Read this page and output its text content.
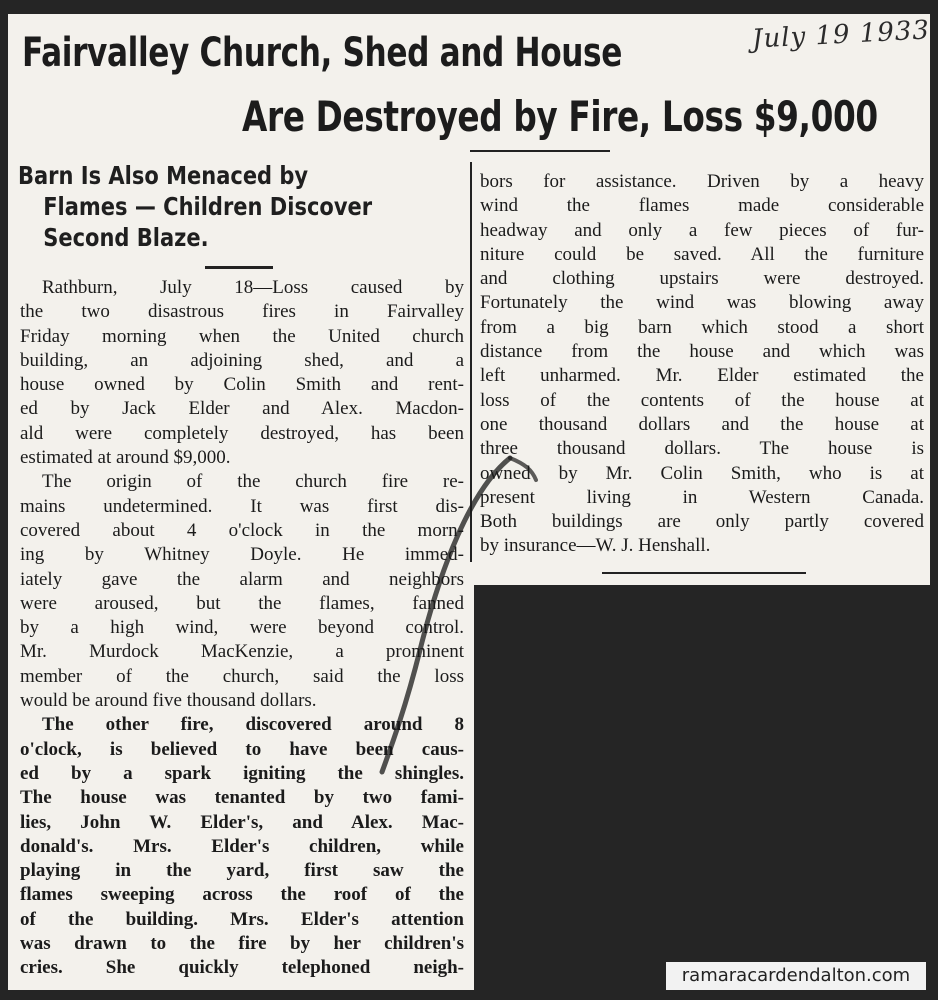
July 19 1933
Fairvalley Church, Shed and House
Are Destroyed by Fire, Loss $9,000
Barn Is Also Menaced by
Flames — Children Discover
Second Blaze.
Rathburn, July 18—Loss caused by
the two disastrous fires in Fairvalley
Friday morning when the United church
building, an adjoining shed, and a
house owned by Colin Smith and rent-
ed by Jack Elder and Alex. Macdon-
ald were completely destroyed, has been
estimated at around $9,000.
The origin of the church fire re-
mains undetermined. It was first dis-
covered about 4 o'clock in the morn-
ing by Whitney Doyle. He immed-
iately gave the alarm and neighbors
were aroused, but the flames, fanned
by a high wind, were beyond control.
Mr. Murdock MacKenzie, a prominent
member of the church, said the loss
would be around five thousand dollars.
The other fire, discovered around 8
o'clock, is believed to have been caus-
ed by a spark igniting the shingles.
The house was tenanted by two fami-
lies, John W. Elder's, and Alex. Mac-
donald's. Mrs. Elder's children, while
playing in the yard, first saw the
flames sweeping across the roof of the
of the building. Mrs. Elder's attention
was drawn to the fire by her children's
cries. She quickly telephoned neigh-
bors for assistance. Driven by a heavy
wind the flames made considerable
headway and only a few pieces of fur-
niture could be saved. All the furniture
and clothing upstairs were destroyed.
Fortunately the wind was blowing away
from a big barn which stood a short
distance from the house and which was
left unharmed. Mr. Elder estimated the
loss of the contents of the house at
one thousand dollars and the house at
three thousand dollars. The house is
owned by Mr. Colin Smith, who is at
present living in Western Canada.
Both buildings are only partly covered
by insurance—W. J. Henshall.
ramaracardendalton.com
